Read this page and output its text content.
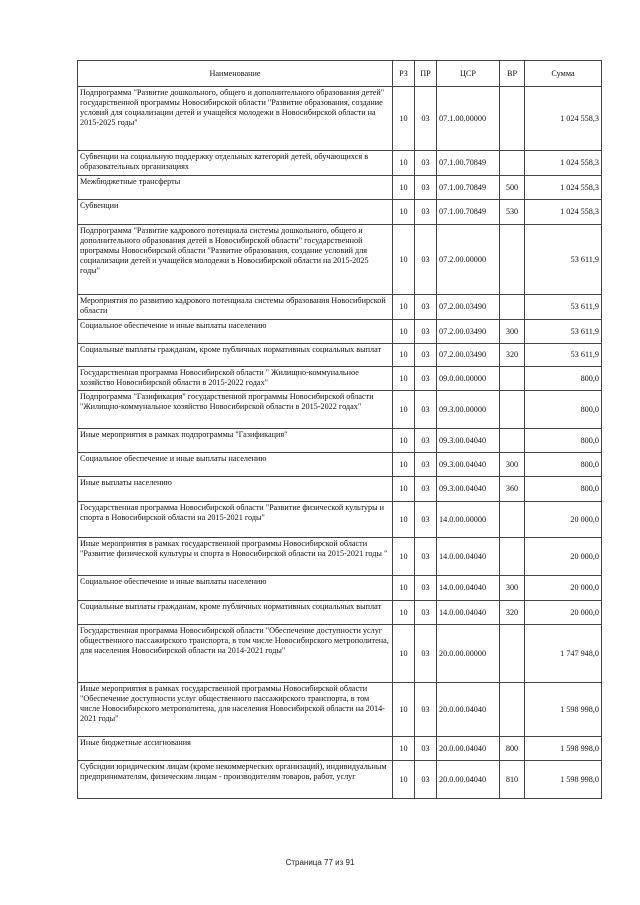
Наименование	РЗ	ПР	ЦСР	ВР	Сумма
Подпрограмма "Развитие дошкольного, общего и дополнительного образования детей" государственной программы Новосибирской области "Развитие образования, создание условий для социализации детей и учащейся молодежи в Новосибирской области на 2015-2025 годы"	10	03	07.1.00.00000		1 024 558,3
Субвенции на социальную поддержку отдельных категорий детей, обучающихся в образовательных организациях	10	03	07.1.00.70849		1 024 558,3
Межбюджетные трансферты	10	03	07.1.00.70849	500	1 024 558,3
Субвенции	10	03	07.1.00.70849	530	1 024 558,3
Подпрограмма "Развитие кадрового потенциала системы дошкольного, общего и дополнительного образования детей в Новосибирской области" государственной программы Новосибирской области "Развитие образования, создание условий для социализации детей и учащейся молодежи в Новосибирской области на 2015-2025 годы"	10	03	07.2.00.00000		53 611,9
Мероприятия по развитию кадрового потенциала системы образования Новосибирской области	10	03	07.2.00.03490		53 611,9
Социальное обеспечение и иные выплаты населению	10	03	07.2.00.03490	300	53 611,9
Социальные выплаты гражданам, кроме публичных нормативных социальных выплат	10	03	07.2.00.03490	320	53 611,9
Государственная программа Новосибирской области " Жилищно-коммунальное хозяйство Новосибирской области в 2015-2022 годах"	10	03	09.0.00.00000		800,0
Подпрограмма "Газификация" государственной программы Новосибирской области "Жилищно-коммунальное хозяйство Новосибирской области в 2015-2022 годах"	10	03	09.3.00.00000		800,0
Иные мероприятия в рамках подпрограммы "Газификация"	10	03	09.3.00.04040		800,0
Социальное обеспечение и иные выплаты населению	10	03	09.3.00.04040	300	800,0
Иные выплаты населению	10	03	09.3.00.04040	360	800,0
Государственная программа Новосибирской области "Развитие физической культуры и спорта в Новосибирской области на 2015-2021 годы"	10	03	14.0.00.00000		20 000,0
Иные мероприятия в рамках государственной программы Новосибирской области "Развитие физической культуры и спорта в Новосибирской области на 2015-2021 годы "	10	03	14.0.00.04040		20 000,0
Социальное обеспечение и иные выплаты населению	10	03	14.0.00.04040	300	20 000,0
Социальные выплаты гражданам, кроме публичных нормативных социальных выплат	10	03	14.0.00.04040	320	20 000,0
Государственная программа Новосибирской области "Обеспечение доступности услуг общественного пассажирского транспорта, в том числе Новосибирского метрополитена, для населения Новосибирской области на 2014-2021 годы"	10	03	20.0.00.00000		1 747 948,0
Иные мероприятия в рамках государственной программы Новосибирской области "Обеспечение доступности услуг общественного пассажирского транспорта, в том числе Новосибирского метрополитена, для населения Новосибирской области на 2014-2021 годы"	10	03	20.0.00.04040		1 598 998,0
Иные бюджетные ассигнования	10	03	20.0.00.04040	800	1 598 998,0
Субсидии юридическим лицам (кроме некоммерческих организаций), индивидуальным предпринимателям, физическим лицам - производителям товаров, работ, услуг	10	03	20.0.00.04040	810	1 598 998,0
Страница 77 из 91
